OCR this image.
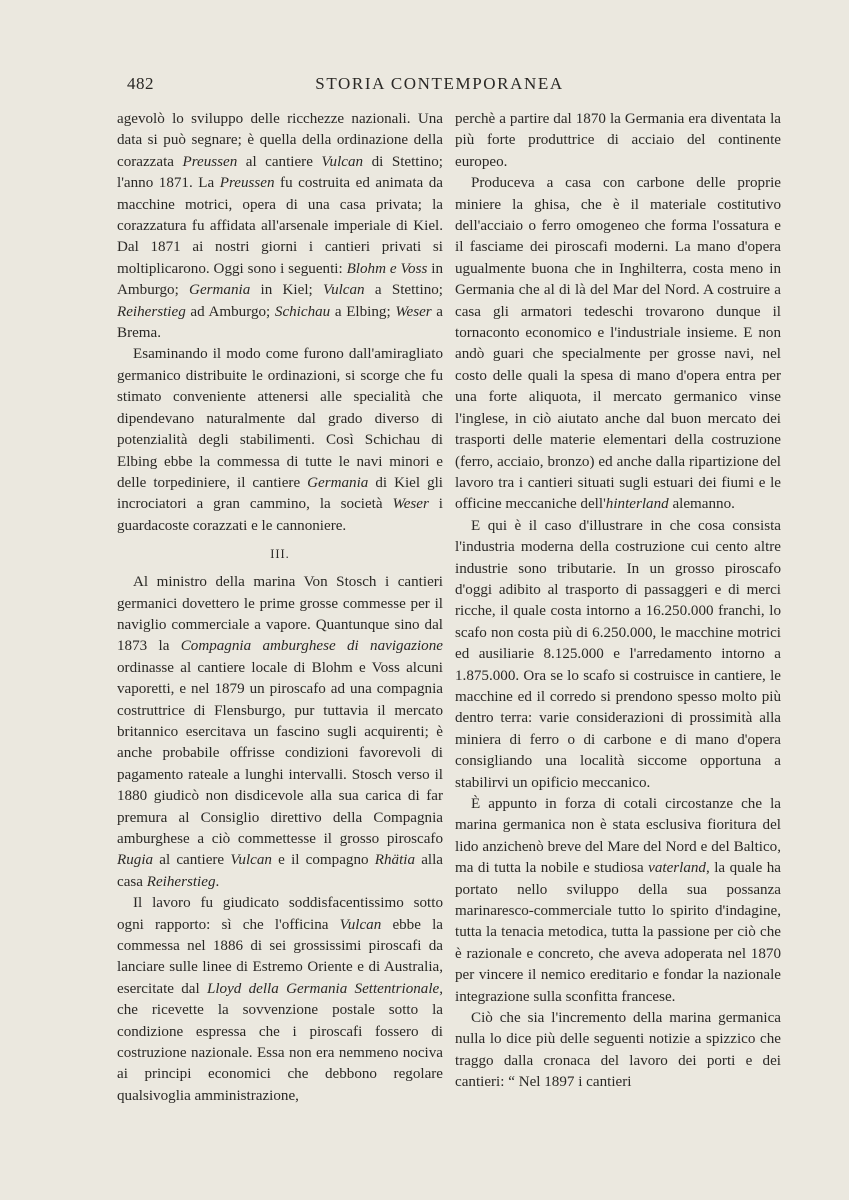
482	STORIA CONTEMPORANEA

agevolò lo sviluppo delle ricchezze nazionali. Una data si può segnare; è quella della ordinazione della corazzata Preussen al cantiere Vulcan di Stettino; l'anno 1871. La Preussen fu costruita ed animata da macchine motrici, opera di una casa privata; la corazzatura fu affidata all'arsenale imperiale di Kiel. Dal 1871 ai nostri giorni i cantieri privati si moltiplicarono. Oggi sono i seguenti: Blohm e Voss in Amburgo; Germania in Kiel; Vulcan a Stettino; Reiherstieg ad Amburgo; Schichau a Elbing; Weser a Brema.

Esaminando il modo come furono dall'amiragliato germanico distribuite le ordinazioni, si scorge che fu stimato conveniente attenersi alle specialità che dipendevano naturalmente dal grado diverso di potenzialità degli stabilimenti. Così Schichau di Elbing ebbe la commessa di tutte le navi minori e delle torpediniere, il cantiere Germania di Kiel gli incrociatori a gran cammino, la società Weser i guardacoste corazzati e le cannoniere.

III.

Al ministro della marina Von Stosch i cantieri germanici dovettero le prime grosse commesse per il naviglio commerciale a vapore. Quantunque sino dal 1873 la Compagnia amburghese di navigazione ordinasse al cantiere locale di Blohm e Voss alcuni vaporetti, e nel 1879 un piroscafo ad una compagnia costruttrice di Flensburgo, pur tuttavia il mercato britannico esercitava un fascino sugli acquirenti; è anche probabile offrisse condizioni favorevoli di pagamento rateale a lunghi intervalli. Stosch verso il 1880 giudicò non disdicevole alla sua carica di far premura al Consiglio direttivo della Compagnia amburghese a ciò commettesse il grosso piroscafo Rugia al cantiere Vulcan e il compagno Rhätia alla casa Reiherstieg.

Il lavoro fu giudicato soddisfacentissimo sotto ogni rapporto: sì che l'officina Vulcan ebbe la commessa nel 1886 di sei grossissimi piroscafi da lanciare sulle linee di Estremo Oriente e di Australia, esercitate dal Lloyd della Germania Settentrionale, che ricevette la sovvenzione postale sotto la condizione espressa che i piroscafi fossero di costruzione nazionale. Essa non era nemmeno nociva ai principi economici che debbono regolare qualsivoglia amministrazione,

perchè a partire dal 1870 la Germania era diventata la più forte produttrice di acciaio del continente europeo.

Produceva a casa con carbone delle proprie miniere la ghisa, che è il materiale costitutivo dell'acciaio o ferro omogeneo che forma l'ossatura e il fasciame dei piroscafi moderni. La mano d'opera ugualmente buona che in Inghilterra, costa meno in Germania che al di là del Mar del Nord. A costruire a casa gli armatori tedeschi trovarono dunque il tornaconto economico e l'industriale insieme. E non andò guari che specialmente per grosse navi, nel costo delle quali la spesa di mano d'opera entra per una forte aliquota, il mercato germanico vinse l'inglese, in ciò aiutato anche dal buon mercato dei trasporti delle materie elementari della costruzione (ferro, acciaio, bronzo) ed anche dalla ripartizione del lavoro tra i cantieri situati sugli estuari dei fiumi e le officine meccaniche dell'hinterland alemanno.

E qui è il caso d'illustrare in che cosa consista l'industria moderna della costruzione cui cento altre industrie sono tributarie. In un grosso piroscafo d'oggi adibito al trasporto di passaggeri e di merci ricche, il quale costa intorno a 16.250.000 franchi, lo scafo non costa più di 6.250.000, le macchine motrici ed ausiliarie 8.125.000 e l'arredamento intorno a 1.875.000. Ora se lo scafo si costruisce in cantiere, le macchine ed il corredo si prendono spesso molto più dentro terra: varie considerazioni di prossimità alla miniera di ferro o di carbone e di mano d'opera consigliando una località siccome opportuna a stabilirvi un opificio meccanico.

È appunto in forza di cotali circostanze che la marina germanica non è stata esclusiva fioritura del lido anzichenò breve del Mare del Nord e del Baltico, ma di tutta la nobile e studiosa vaterland, la quale ha portato nello sviluppo della sua possanza marinaresco-commerciale tutto lo spirito d'indagine, tutta la tenacia metodica, tutta la passione per ciò che è razionale e concreto, che aveva adoperata nel 1870 per vincere il nemico ereditario e fondar la nazionale integrazione sulla sconfitta francese.

Ciò che sia l'incremento della marina germanica nulla lo dice più delle seguenti notizie a spizzico che traggo dalla cronaca del lavoro dei porti e dei cantieri: “ Nel 1897 i cantieri
